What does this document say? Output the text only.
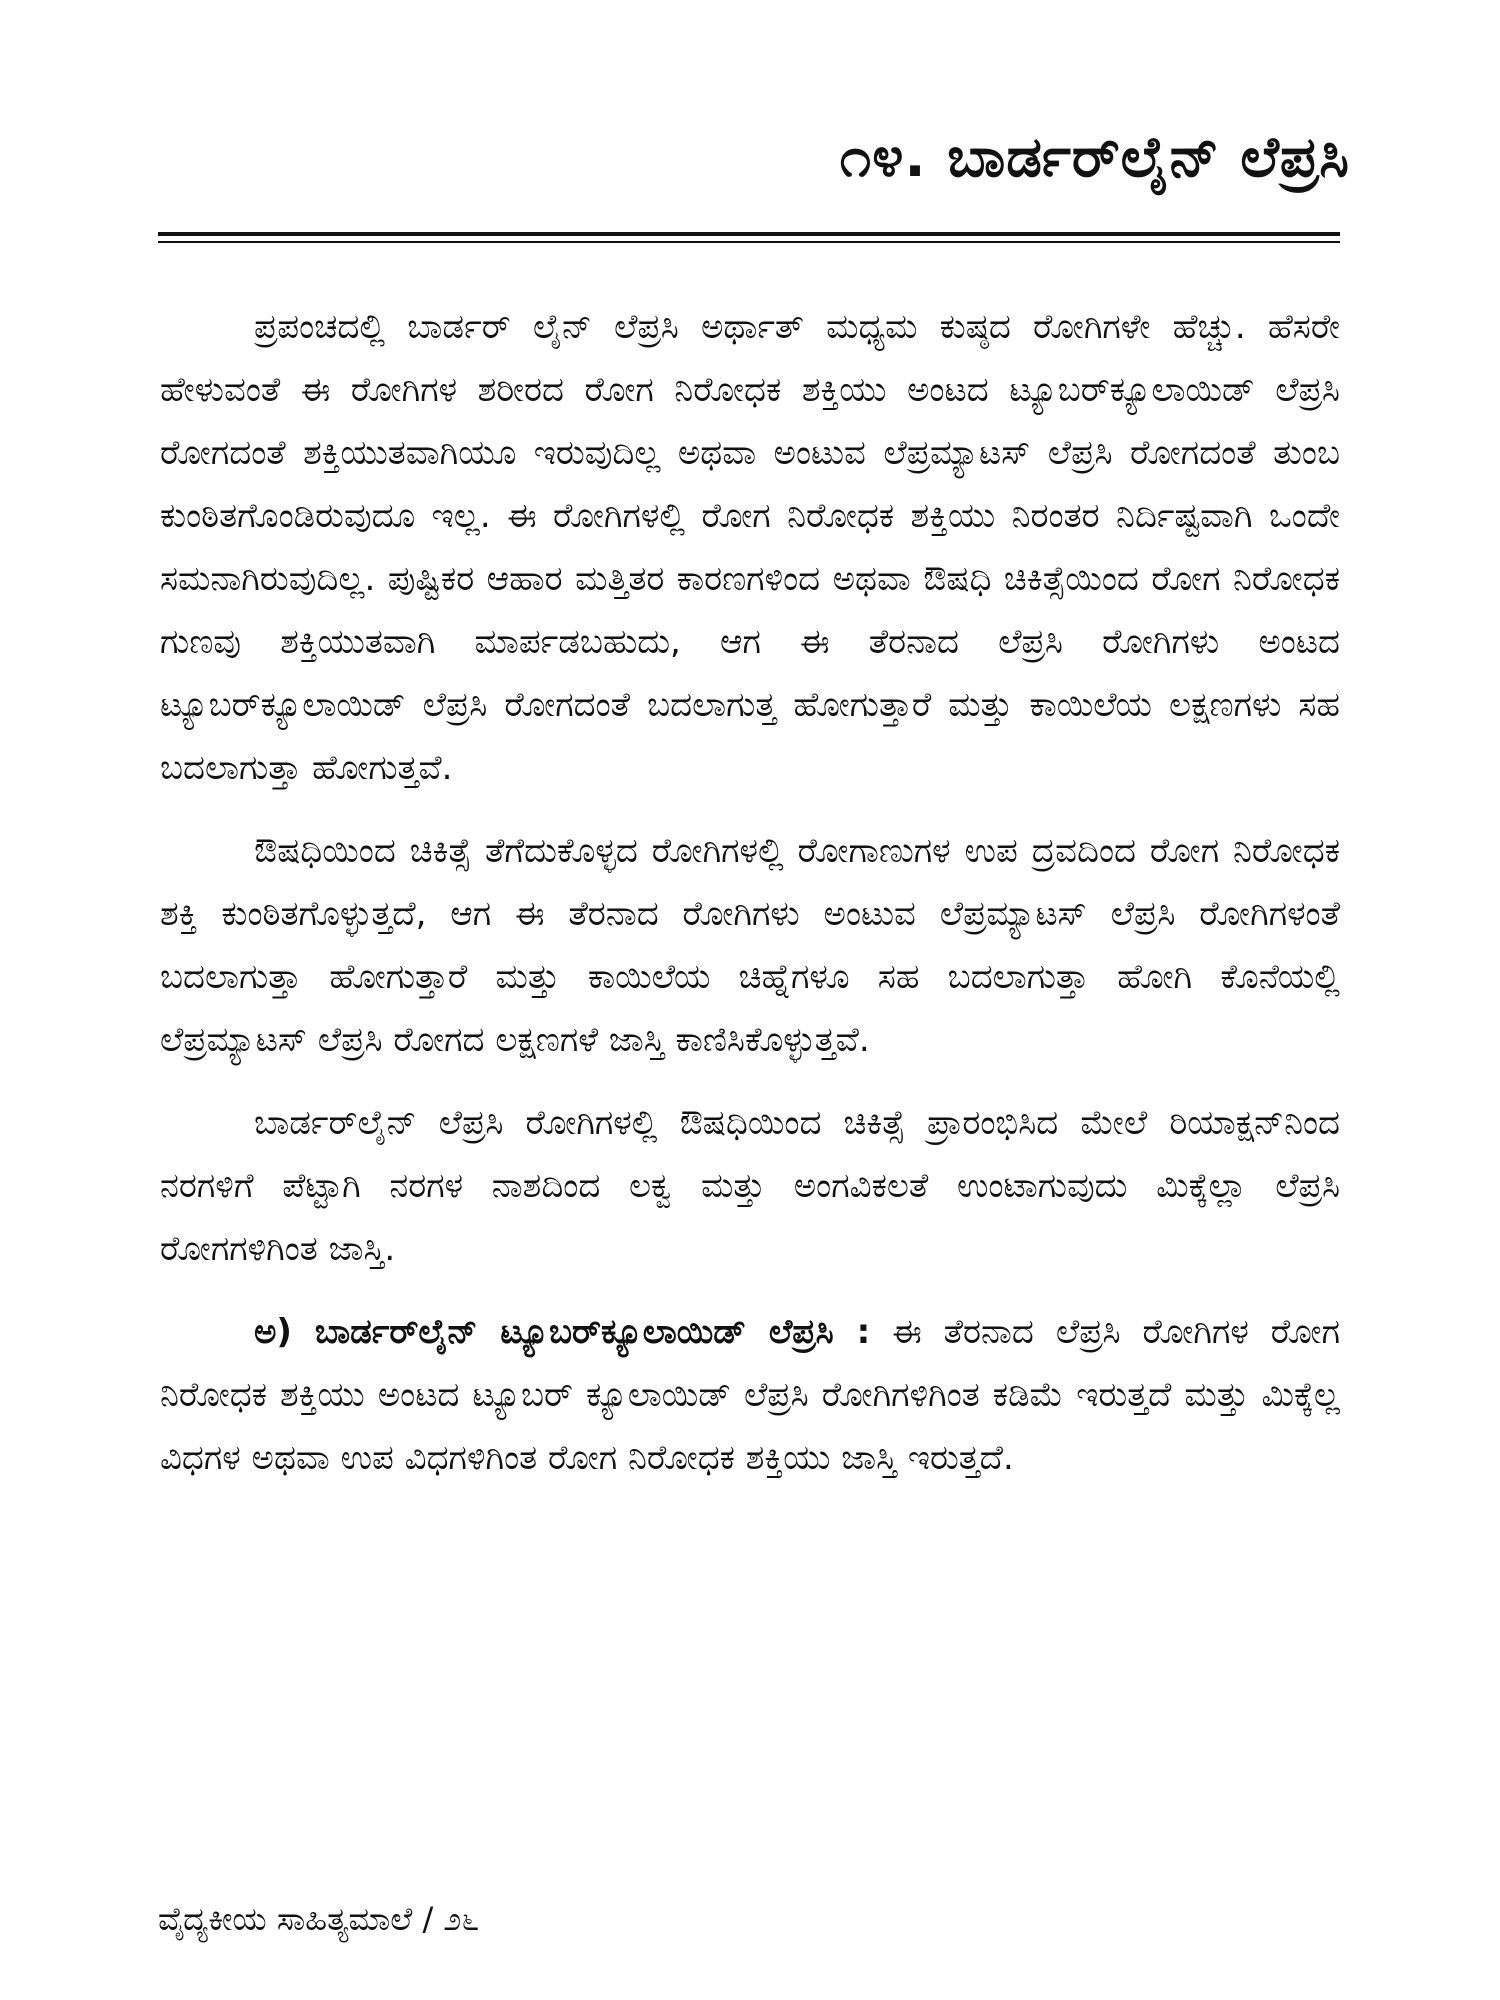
೧೪. ಬಾರ್ಡರ್‌ಲೈನ್ ಲೆಪ್ರಸಿ

ಪ್ರಪಂಚದಲ್ಲಿ ಬಾರ್ಡರ್ ಲೈನ್ ಲೆಪ್ರಸಿ ಅರ್ಥಾತ್ ಮಧ್ಯಮ ಕುಷ್ಠದ ರೋಗಿಗಳೇ ಹೆಚ್ಚು. ಹೆಸರೇ ಹೇಳುವಂತೆ ಈ ರೋಗಿಗಳ ಶರೀರದ ರೋಗ ನಿರೋಧಕ ಶಕ್ತಿಯು ಅಂಟದ ಟ್ಯೂಬರ್‌ಕ್ಯೂಲಾಯಿಡ್ ಲೆಪ್ರಸಿ ರೋಗದಂತೆ ಶಕ್ತಿಯುತವಾಗಿಯೂ ಇರುವುದಿಲ್ಲ ಅಥವಾ ಅಂಟುವ ಲೆಪ್ರಮ್ಯಾಟಸ್ ಲೆಪ್ರಸಿ ರೋಗದಂತೆ ತುಂಬ ಕುಂಠಿತಗೊಂಡಿರುವುದೂ ಇಲ್ಲ. ಈ ರೋಗಿಗಳಲ್ಲಿ ರೋಗ ನಿರೋಧಕ ಶಕ್ತಿಯು ನಿರಂತರ ನಿರ್ದಿಷ್ಟವಾಗಿ ಒಂದೇ ಸಮನಾಗಿರುವುದಿಲ್ಲ. ಪುಷ್ಟಿಕರ ಆಹಾರ ಮತ್ತಿತರ ಕಾರಣಗಳಿಂದ ಅಥವಾ ಔಷಧಿ ಚಿಕಿತ್ಸೆಯಿಂದ ರೋಗ ನಿರೋಧಕ ಗುಣವು ಶಕ್ತಿಯುತವಾಗಿ ಮಾರ್ಪಡಬಹುದು, ಆಗ ಈ ತೆರನಾದ ಲೆಪ್ರಸಿ ರೋಗಿಗಳು ಅಂಟದ ಟ್ಯೂಬರ್‌ಕ್ಯೂಲಾಯಿಡ್ ಲೆಪ್ರಸಿ ರೋಗದಂತೆ ಬದಲಾಗುತ್ತ ಹೋಗುತ್ತಾರೆ ಮತ್ತು ಕಾಯಿಲೆಯ ಲಕ್ಷಣಗಳು ಸಹ ಬದಲಾಗುತ್ತಾ ಹೋಗುತ್ತವೆ.

ಔಷಧಿಯಿಂದ ಚಿಕಿತ್ಸೆ ತೆಗೆದುಕೊಳ್ಳದ ರೋಗಿಗಳಲ್ಲಿ ರೋಗಾಣುಗಳ ಉಪ ದ್ರವದಿಂದ ರೋಗ ನಿರೋಧಕ ಶಕ್ತಿ ಕುಂಠಿತಗೊಳ್ಳುತ್ತದೆ, ಆಗ ಈ ತೆರನಾದ ರೋಗಿಗಳು ಅಂಟುವ ಲೆಪ್ರಮ್ಯಾಟಸ್ ಲೆಪ್ರಸಿ ರೋಗಿಗಳಂತೆ ಬದಲಾಗುತ್ತಾ ಹೋಗುತ್ತಾರೆ ಮತ್ತು ಕಾಯಿಲೆಯ ಚಿಹ್ನೆಗಳೂ ಸಹ ಬದಲಾಗುತ್ತಾ ಹೋಗಿ ಕೊನೆಯಲ್ಲಿ ಲೆಪ್ರಮ್ಯಾಟಸ್ ಲೆಪ್ರಸಿ ರೋಗದ ಲಕ್ಷಣಗಳೆ ಜಾಸ್ತಿ ಕಾಣಿಸಿಕೊಳ್ಳುತ್ತವೆ.

ಬಾರ್ಡರ್‌ಲೈನ್ ಲೆಪ್ರಸಿ ರೋಗಿಗಳಲ್ಲಿ ಔಷಧಿಯಿಂದ ಚಿಕಿತ್ಸೆ ಪ್ರಾರಂಭಿಸಿದ ಮೇಲೆ ರಿಯಾಕ್ಷನ್‌ನಿಂದ ನರಗಳಿಗೆ ಪೆಟ್ಟಾಗಿ ನರಗಳ ನಾಶದಿಂದ ಲಕ್ವ ಮತ್ತು ಅಂಗವಿಕಲತೆ ಉಂಟಾಗುವುದು ಮಿಕ್ಕೆಲ್ಲಾ ಲೆಪ್ರಸಿ ರೋಗಗಳಿಗಿಂತ ಜಾಸ್ತಿ.

ಅ) ಬಾರ್ಡರ್‌ಲೈನ್ ಟ್ಯೂಬರ್‌ಕ್ಯೂಲಾಯಿಡ್ ಲೆಪ್ರಸಿ : ಈ ತೆರನಾದ ಲೆಪ್ರಸಿ ರೋಗಿಗಳ ರೋಗ ನಿರೋಧಕ ಶಕ್ತಿಯು ಅಂಟದ ಟ್ಯೂಬರ್ ಕ್ಯೂಲಾಯಿಡ್ ಲೆಪ್ರಸಿ ರೋಗಿಗಳಿಗಿಂತ ಕಡಿಮೆ ಇರುತ್ತದೆ ಮತ್ತು ಮಿಕ್ಕೆಲ್ಲ ವಿಧಗಳ ಅಥವಾ ಉಪ ವಿಧಗಳಿಗಿಂತ ರೋಗ ನಿರೋಧಕ ಶಕ್ತಿಯು ಜಾಸ್ತಿ ಇರುತ್ತದೆ.

ವೈದ್ಯಕೀಯ ಸಾಹಿತ್ಯಮಾಲೆ / ೨೬
